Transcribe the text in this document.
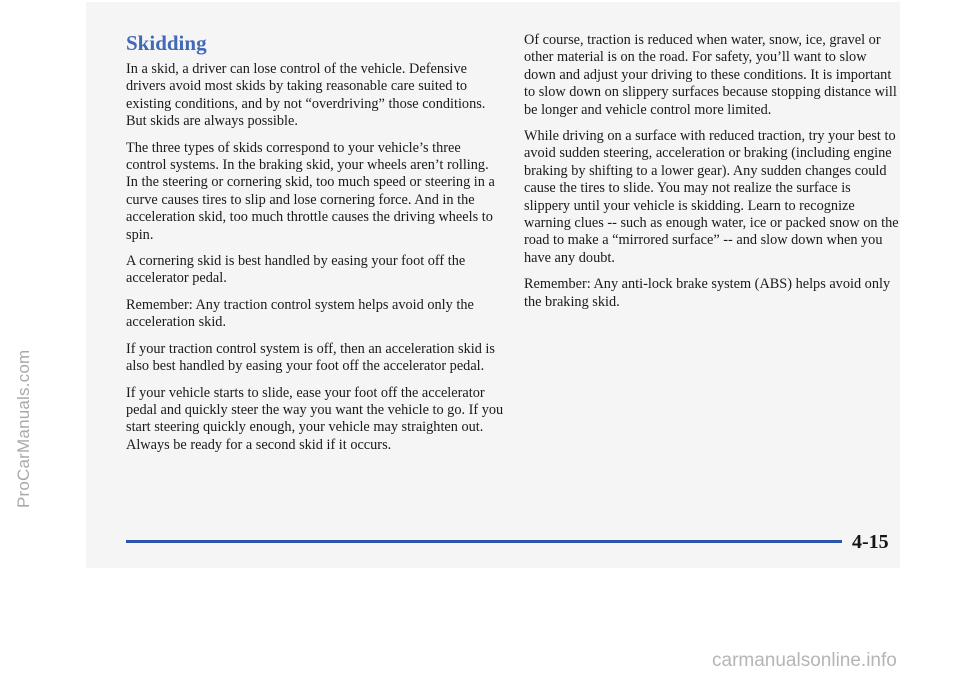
ProCarManuals.com
Skidding

In a skid, a driver can lose control of the vehicle. Defensive drivers avoid most skids by taking reasonable care suited to existing conditions, and by not “overdriving” those conditions. But skids are always possible.

The three types of skids correspond to your vehicle’s three control systems. In the braking skid, your wheels aren’t rolling. In the steering or cornering skid, too much speed or steering in a curve causes tires to slip and lose cornering force. And in the acceleration skid, too much throttle causes the driving wheels to spin.

A cornering skid is best handled by easing your foot off the accelerator pedal.

Remember: Any traction control system helps avoid only the acceleration skid.

If your traction control system is off, then an acceleration skid is also best handled by easing your foot off the accelerator pedal.

If your vehicle starts to slide, ease your foot off the accelerator pedal and quickly steer the way you want the vehicle to go. If you start steering quickly enough, your vehicle may straighten out. Always be ready for a second skid if it occurs.

Of course, traction is reduced when water, snow, ice, gravel or other material is on the road. For safety, you’ll want to slow down and adjust your driving to these conditions. It is important to slow down on slippery surfaces because stopping distance will be longer and vehicle control more limited.

While driving on a surface with reduced traction, try your best to avoid sudden steering, acceleration or braking (including engine braking by shifting to a lower gear). Any sudden changes could cause the tires to slide. You may not realize the surface is slippery until your vehicle is skidding. Learn to recognize warning clues -- such as enough water, ice or packed snow on the road to make a “mirrored surface” -- and slow down when you have any doubt.

Remember: Any anti-lock brake system (ABS) helps avoid only the braking skid.

4-15
carmanualsonline.info
